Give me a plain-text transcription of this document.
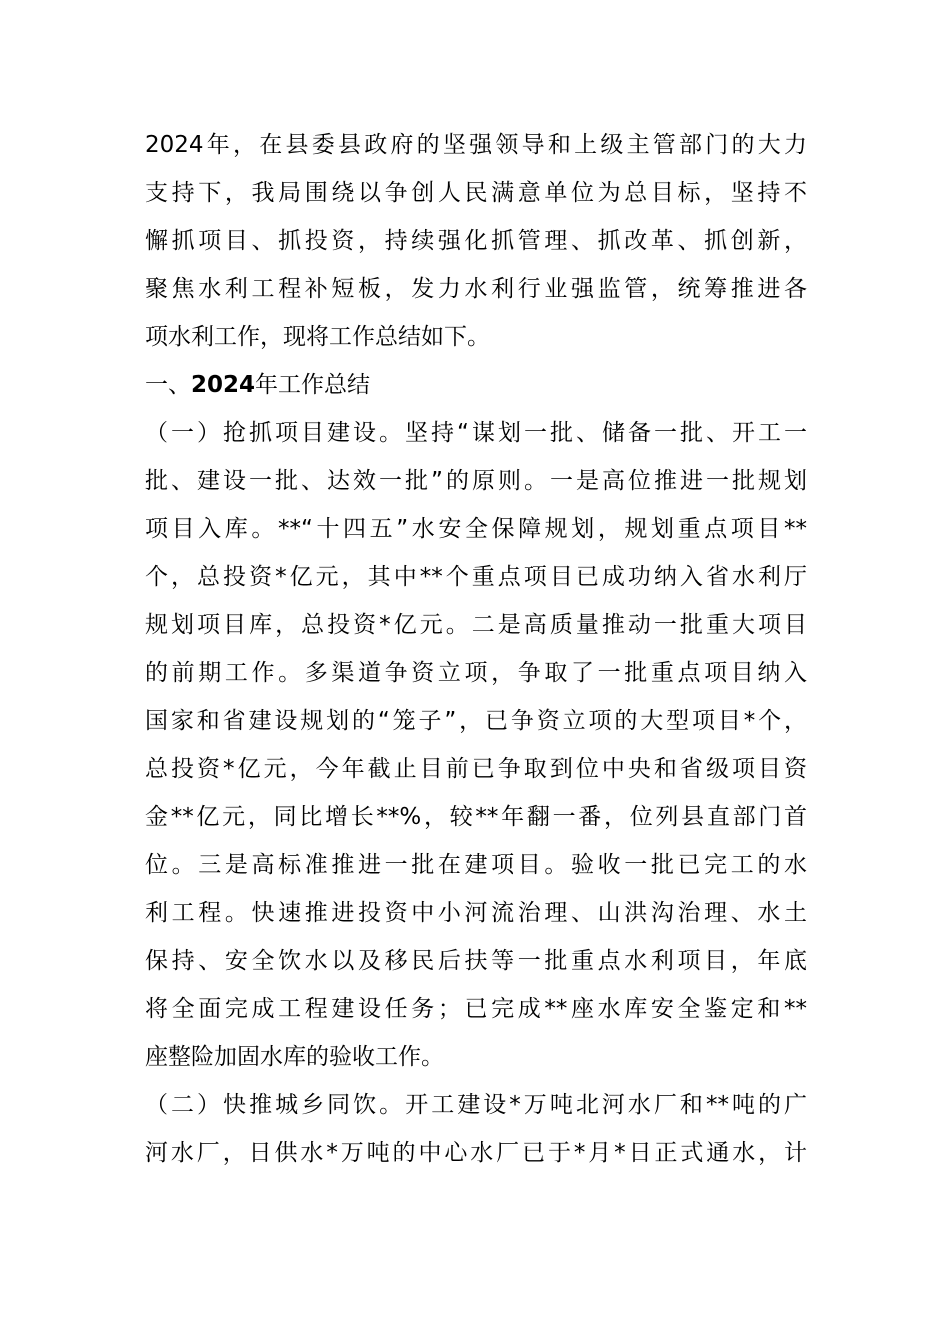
2024年，在县委县政府的坚强领导和上级主管部门的大力
支持下，我局围绕以争创人民满意单位为总目标，坚持不
懈抓项目、抓投资，持续强化抓管理、抓改革、抓创新，
聚焦水利工程补短板，发力水利行业强监管，统筹推进各
项水利工作，现将工作总结如下。
一、2024年工作总结
（一）抢抓项目建设。坚持“谋划一批、储备一批、开工一
批、建设一批、达效一批”的原则。一是高位推进一批规划
项目入库。**“十四五”水安全保障规划，规划重点项目**
个，总投资*亿元，其中**个重点项目已成功纳入省水利厅
规划项目库，总投资*亿元。二是高质量推动一批重大项目
的前期工作。多渠道争资立项，争取了一批重点项目纳入
国家和省建设规划的“笼子”，已争资立项的大型项目*个，
总投资*亿元，今年截止目前已争取到位中央和省级项目资
金**亿元，同比增长**%，较**年翻一番，位列县直部门首
位。三是高标准推进一批在建项目。验收一批已完工的水
利工程。快速推进投资中小河流治理、山洪沟治理、水土
保持、安全饮水以及移民后扶等一批重点水利项目，年底
将全面完成工程建设任务；已完成**座水库安全鉴定和**
座整险加固水库的验收工作。
（二）快推城乡同饮。开工建设*万吨北河水厂和**吨的广
河水厂，日供水*万吨的中心水厂已于*月*日正式通水，计
